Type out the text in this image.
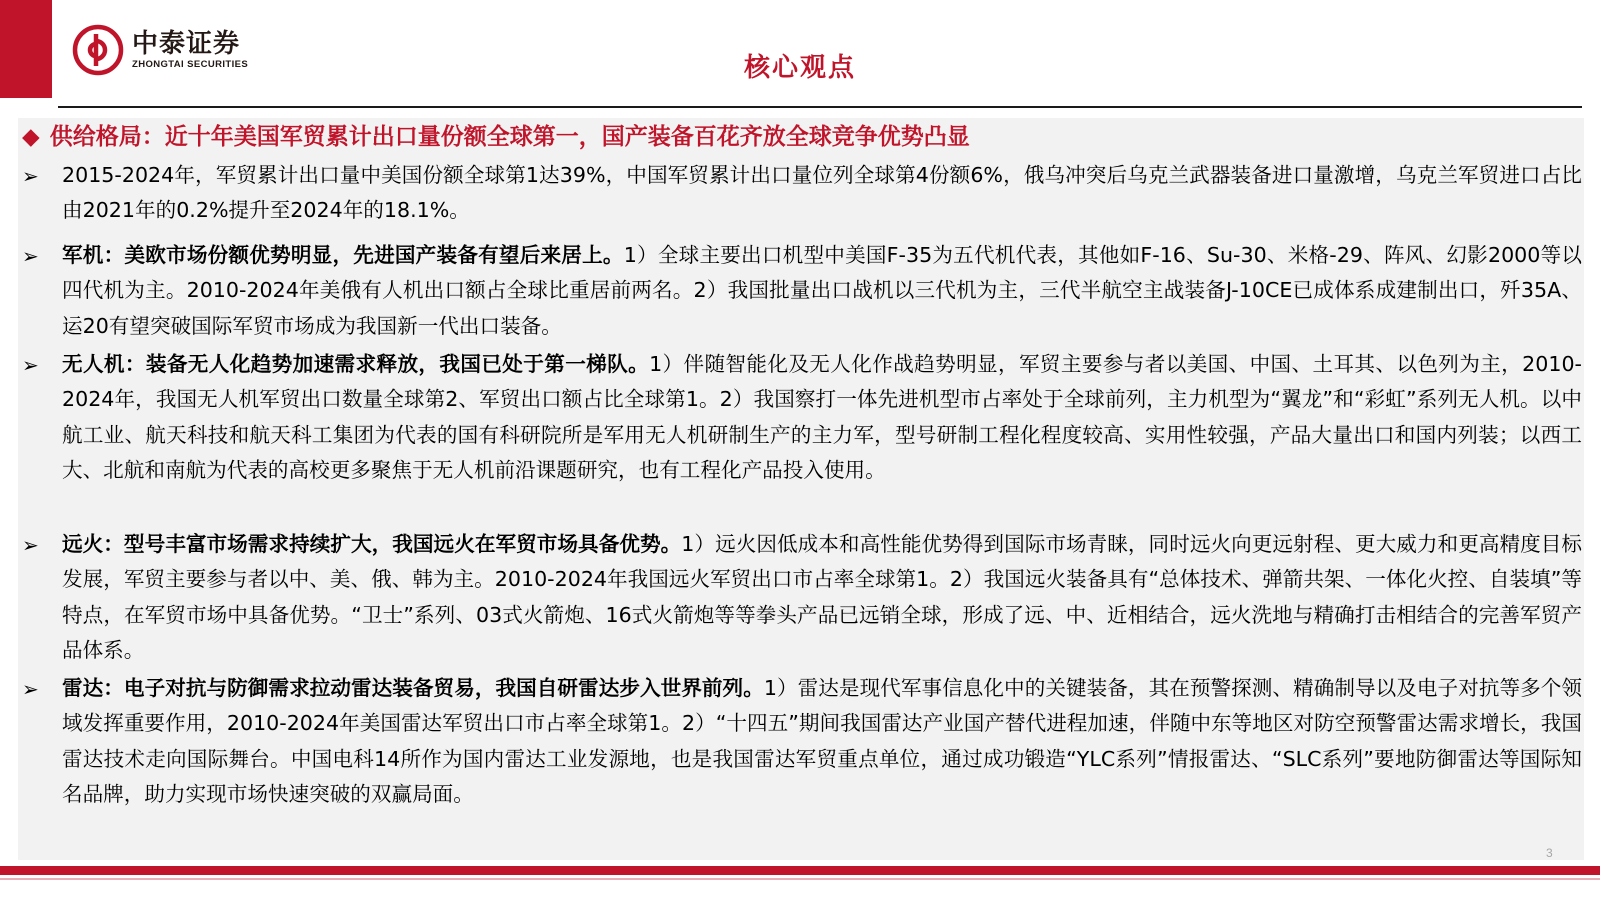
中泰证券
ZHONGTAI SECURITIES	核心观点
◆ 供给格局：近十年美国军贸累计出口量份额全球第一，国产装备百花齐放全球竞争优势凸显
➢ 2015-2024年，军贸累计出口量中美国份额全球第1达39%，中国军贸累计出口量位列全球第4份额6%，俄乌冲突后乌克兰武器装备进口量激增，乌克兰军贸进口占比由2021年的0.2%提升至2024年的18.1%。
➢ 军机：美欧市场份额优势明显，先进国产装备有望后来居上。1）全球主要出口机型中美国F-35为五代机代表，其他如F-16、Su-30、米格-29、阵风、幻影2000等以四代机为主。2010-2024年美俄有人机出口额占全球比重居前两名。2）我国批量出口战机以三代机为主，三代半航空主战装备J-10CE已成体系成建制出口，歼35A、运20有望突破国际军贸市场成为我国新一代出口装备。
➢ 无人机：装备无人化趋势加速需求释放，我国已处于第一梯队。1）伴随智能化及无人化作战趋势明显，军贸主要参与者以美国、中国、土耳其、以色列为主，2010-2024年，我国无人机军贸出口数量全球第2、军贸出口额占比全球第1。2）我国察打一体先进机型市占率处于全球前列，主力机型为“翼龙”和“彩虹”系列无人机。以中航工业、航天科技和航天科工集团为代表的国有科研院所是军用无人机研制生产的主力军，型号研制工程化程度较高、实用性较强，产品大量出口和国内列装；以西工大、北航和南航为代表的高校更多聚焦于无人机前沿课题研究，也有工程化产品投入使用。
➢ 远火：型号丰富市场需求持续扩大，我国远火在军贸市场具备优势。1）远火因低成本和高性能优势得到国际市场青睐，同时远火向更远射程、更大威力和更高精度目标发展，军贸主要参与者以中、美、俄、韩为主。2010-2024年我国远火军贸出口市占率全球第1。2）我国远火装备具有“总体技术、弹箭共架、一体化火控、自装填”等特点，在军贸市场中具备优势。“卫士”系列、03式火箭炮、16式火箭炮等等拳头产品已远销全球，形成了远、中、近相结合，远火洗地与精确打击相结合的完善军贸产品体系。
➢ 雷达：电子对抗与防御需求拉动雷达装备贸易，我国自研雷达步入世界前列。1）雷达是现代军事信息化中的关键装备，其在预警探测、精确制导以及电子对抗等多个领域发挥重要作用，2010-2024年美国雷达军贸出口市占率全球第1。2）“十四五”期间我国雷达产业国产替代进程加速，伴随中东等地区对防空预警雷达需求增长，我国雷达技术走向国际舞台。中国电科14所作为国内雷达工业发源地，也是我国雷达军贸重点单位，通过成功锻造“YLC系列”情报雷达、“SLC系列”要地防御雷达等国际知名品牌，助力实现市场快速突破的双赢局面。
3
